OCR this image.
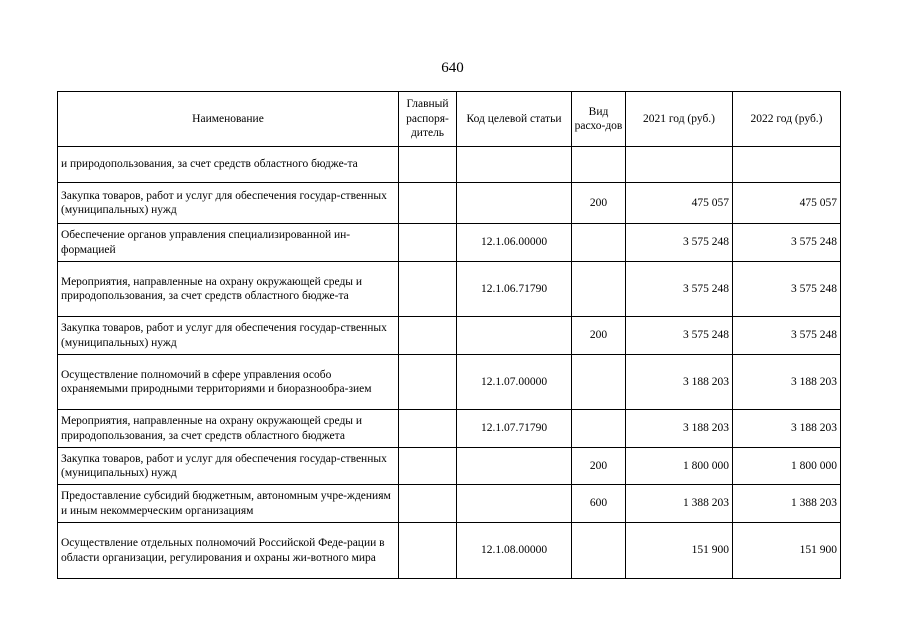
640
Наименование	Главный распоря-дитель	Код целевой статьи	Вид расхо-дов	2021 год (руб.)	2022 год (руб.)
и природопользования, за счет средств областного бюдже-та					
Закупка товаров, работ и услуг для обеспечения государ-ственных (муниципальных) нужд			200	475 057	475 057
Обеспечение органов управления специализированной ин-формацией		12.1.06.00000		3 575 248	3 575 248
Мероприятия, направленные на охрану окружающей среды и природопользования, за счет средств областного бюдже-та		12.1.06.71790		3 575 248	3 575 248
Закупка товаров, работ и услуг для обеспечения государ-ственных (муниципальных) нужд			200	3 575 248	3 575 248
Осуществление полномочий в сфере управления особо охраняемыми природными территориями и биоразнообра-зием		12.1.07.00000		3 188 203	3 188 203
Мероприятия, направленные на охрану окружающей среды и природопользования, за счет средств областного бюджета		12.1.07.71790		3 188 203	3 188 203
Закупка товаров, работ и услуг для обеспечения государ-ственных (муниципальных) нужд			200	1 800 000	1 800 000
Предоставление субсидий бюджетным, автономным учре-ждениям и иным некоммерческим организациям			600	1 388 203	1 388 203
Осуществление отдельных полномочий Российской Феде-рации в области организации, регулирования и охраны жи-вотного мира		12.1.08.00000		151 900	151 900
